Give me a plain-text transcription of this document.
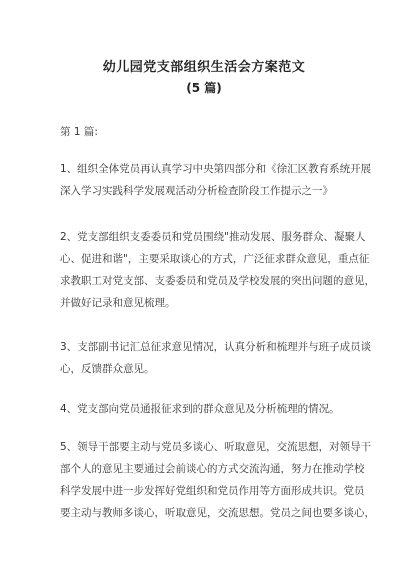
幼儿园党支部组织生活会方案范文
(5 篇)
第 1 篇:

1、组织全体党员再认真学习中央第四部分和《徐汇区教育系统开展
深入学习实践科学发展观活动分析检查阶段工作提示之一》

2、党支部组织支委委员和党员围绕"推动发展、服务群众、凝聚人
心、促进和谐"，主要采取谈心的方式，广泛征求群众意见，重点征
求教职工对党支部、支委委员和党员及学校发展的突出问题的意见，
并做好记录和意见梳理。

3、支部副书记汇总征求意见情况，认真分析和梳理并与班子成员谈
心，反馈群众意见。

4、党支部向党员通报征求到的群众意见及分析梳理的情况。

5、领导干部要主动与党员多谈心、听取意见，交流思想，对领导干
部个人的意见主要通过会前谈心的方式交流沟通，努力在推动学校
科学发展中进一步发挥好党组织和党员作用等方面形成共识。党员
要主动与教师多谈心，听取意见，交流思想。党员之间也要多谈心，
